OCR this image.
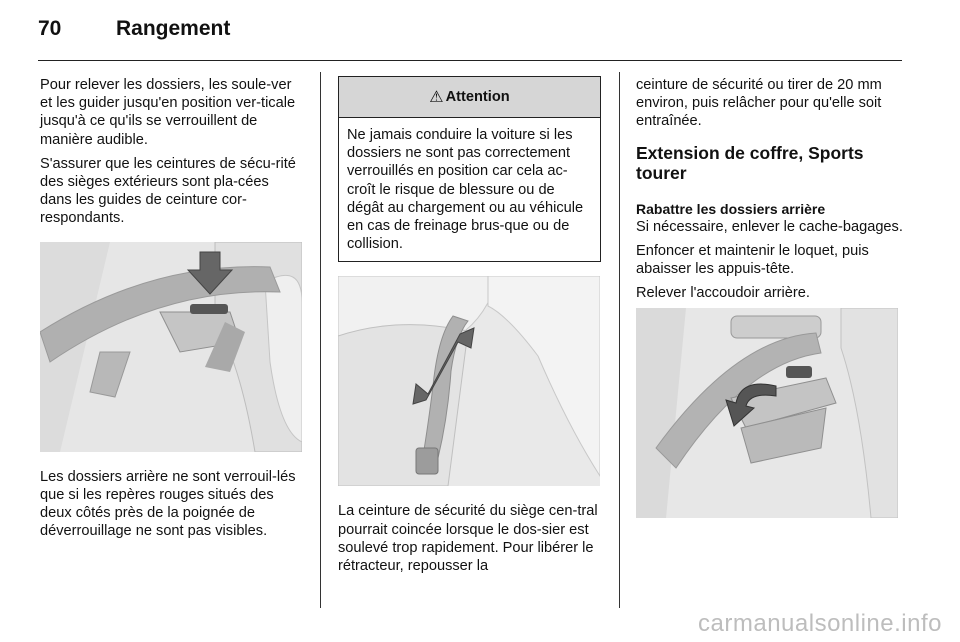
70	Rangement

Pour relever les dossiers, les soule-ver et les guider jusqu'en position ver-ticale jusqu'à ce qu'ils se verrouillent de manière audible.

S'assurer que les ceintures de sécu-rité des sièges extérieurs sont pla-cées dans les guides de ceinture cor-respondants.

Les dossiers arrière ne sont verrouil-lés que si les repères rouges situés des deux côtés près de la poignée de déverrouillage ne sont pas visibles.

⚠ Attention
Ne jamais conduire la voiture si les dossiers ne sont pas correctement verrouillés en position car cela ac-croît le risque de blessure ou de dégât au chargement ou au véhicule en cas de freinage brus-que ou de collision.

La ceinture de sécurité du siège cen-tral pourrait coincée lorsque le dos-sier est soulevé trop rapidement. Pour libérer le rétracteur, repousser la

ceinture de sécurité ou tirer de 20 mm environ, puis relâcher pour qu'elle soit entraînée.

Extension de coffre, Sports tourer
Rabattre les dossiers arrière

Si nécessaire, enlever le cache-bagages.

Enfoncer et maintenir le loquet, puis abaisser les appuis-tête.

Relever l'accoudoir arrière.

carmanualsonline.info
